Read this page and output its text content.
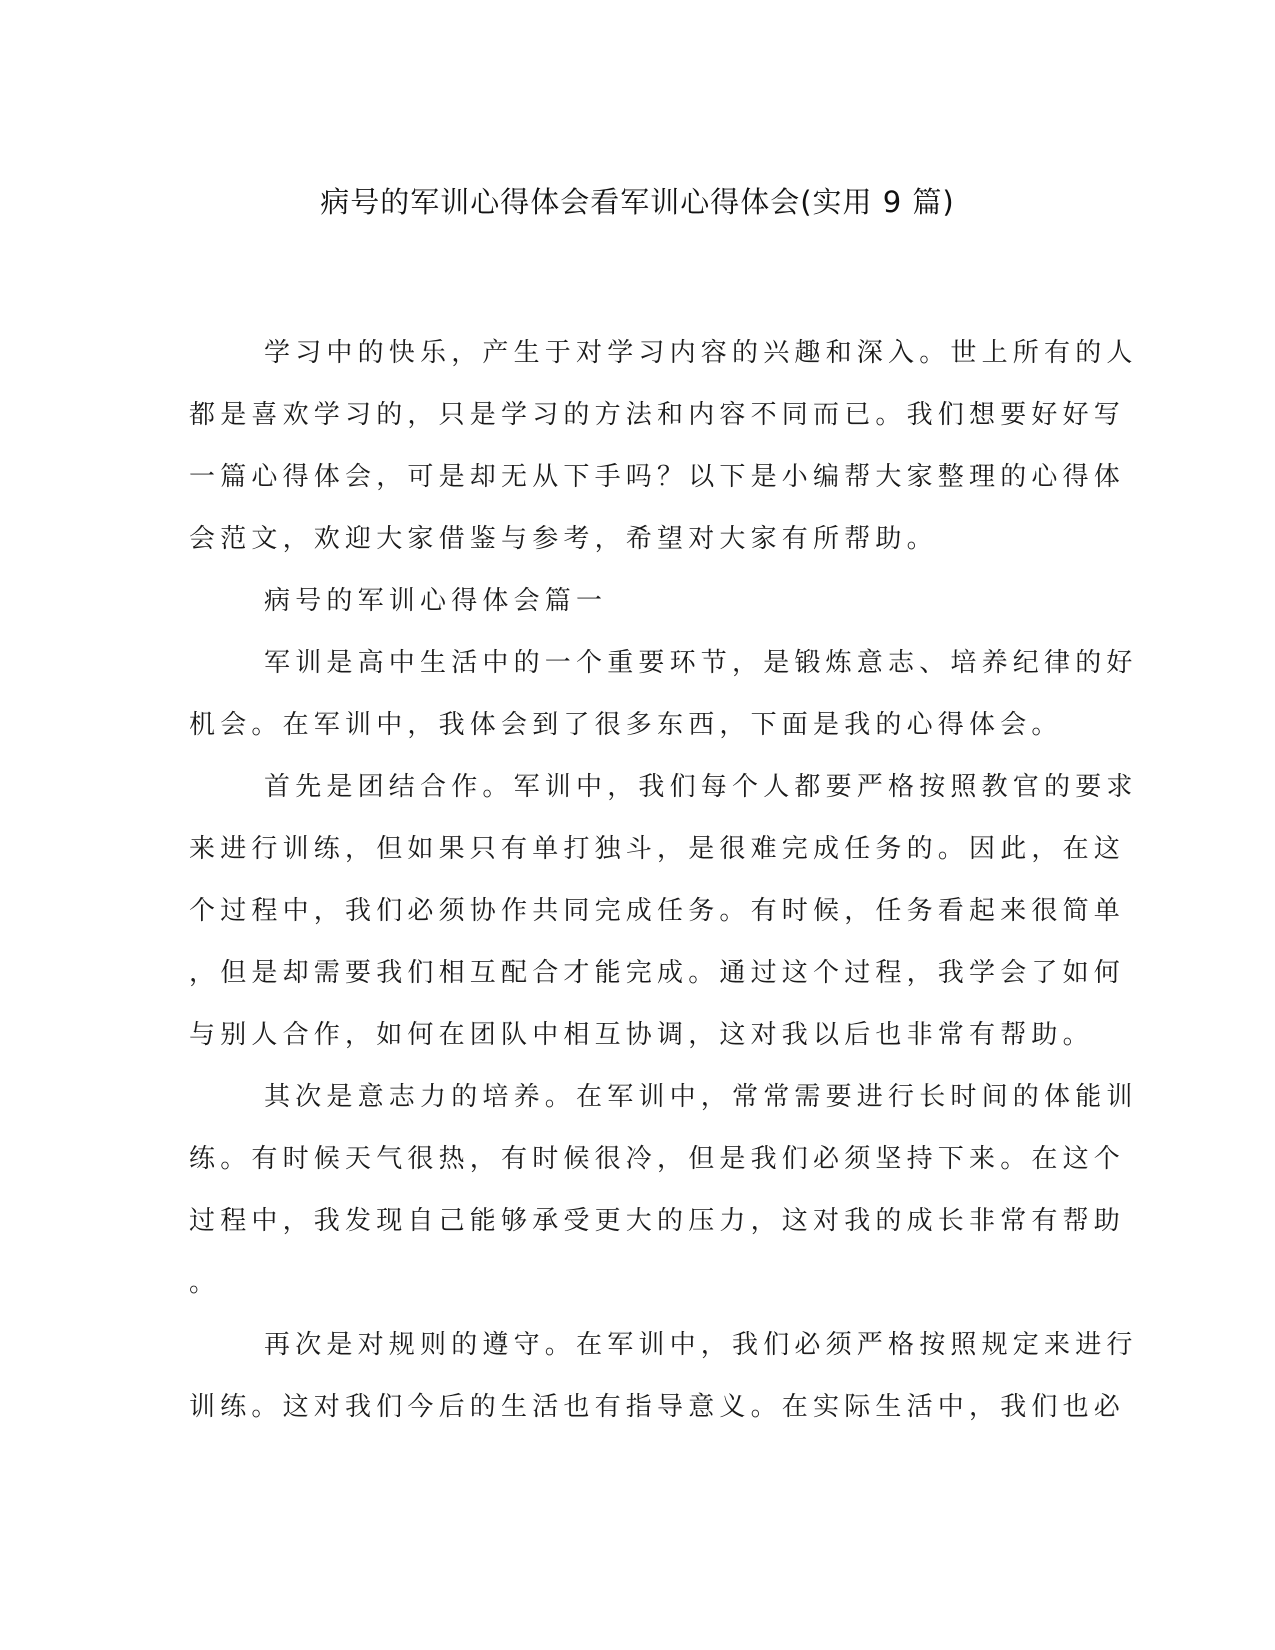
病号的军训心得体会看军训心得体会(实用 9 篇)
学习中的快乐，产生于对学习内容的兴趣和深入。世上所有的人
都是喜欢学习的，只是学习的方法和内容不同而已。我们想要好好写
一篇心得体会，可是却无从下手吗？以下是小编帮大家整理的心得体
会范文，欢迎大家借鉴与参考，希望对大家有所帮助。
病号的军训心得体会篇一
军训是高中生活中的一个重要环节，是锻炼意志、培养纪律的好
机会。在军训中，我体会到了很多东西，下面是我的心得体会。
首先是团结合作。军训中，我们每个人都要严格按照教官的要求
来进行训练，但如果只有单打独斗，是很难完成任务的。因此，在这
个过程中，我们必须协作共同完成任务。有时候，任务看起来很简单
，但是却需要我们相互配合才能完成。通过这个过程，我学会了如何
与别人合作，如何在团队中相互协调，这对我以后也非常有帮助。
其次是意志力的培养。在军训中，常常需要进行长时间的体能训
练。有时候天气很热，有时候很冷，但是我们必须坚持下来。在这个
过程中，我发现自己能够承受更大的压力，这对我的成长非常有帮助
。
再次是对规则的遵守。在军训中，我们必须严格按照规定来进行
训练。这对我们今后的生活也有指导意义。在实际生活中，我们也必
